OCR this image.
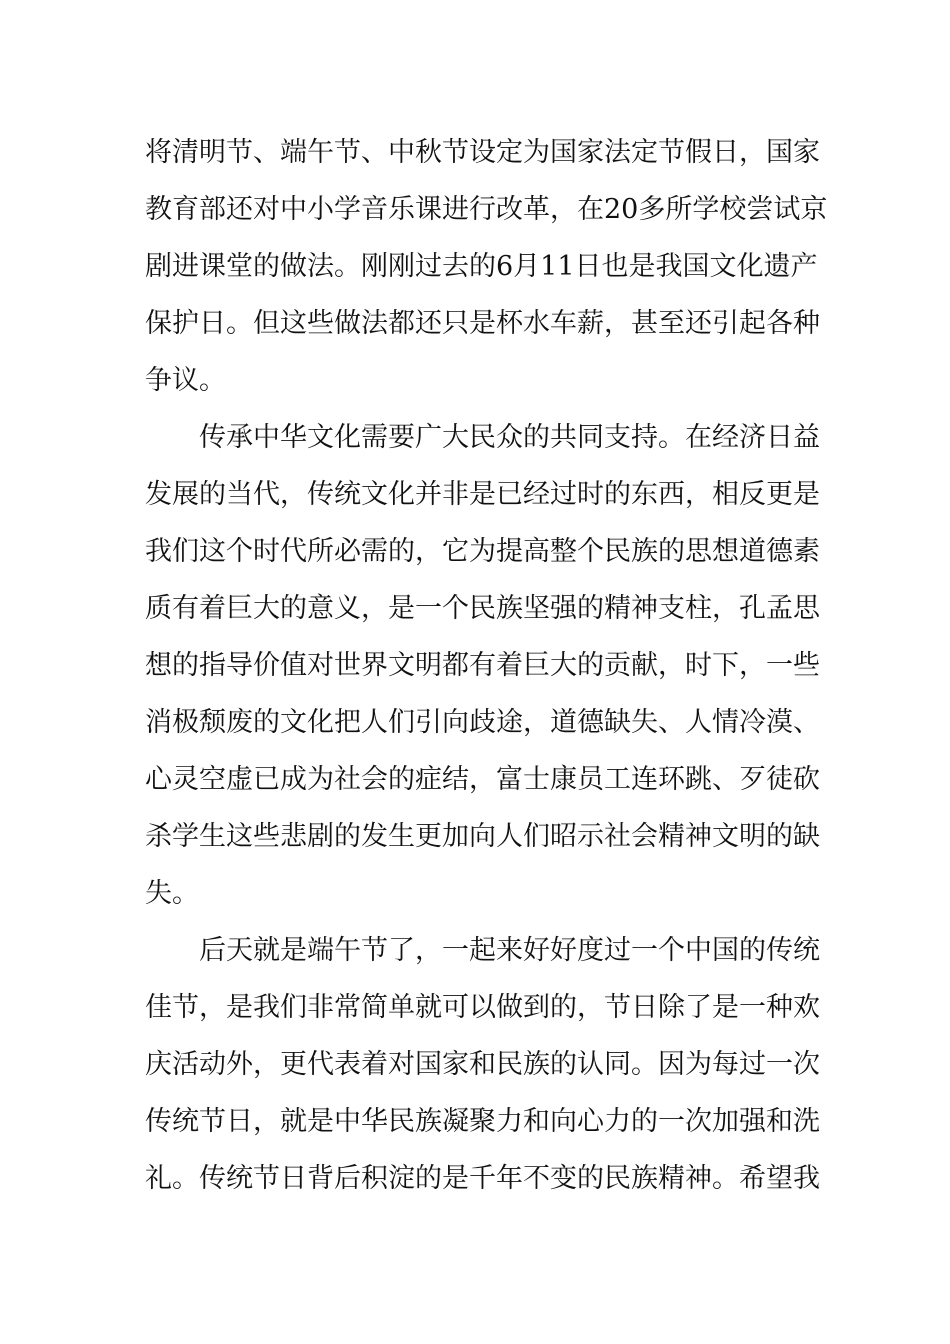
将清明节、端午节、中秋节设定为国家法定节假日，国家
教育部还对中小学音乐课进行改革，在20多所学校尝试京
剧进课堂的做法。刚刚过去的6月11日也是我国文化遗产
保护日。但这些做法都还只是杯水车薪，甚至还引起各种
争议。
传承中华文化需要广大民众的共同支持。在经济日益
发展的当代，传统文化并非是已经过时的东西，相反更是
我们这个时代所必需的，它为提高整个民族的思想道德素
质有着巨大的意义，是一个民族坚强的精神支柱，孔孟思
想的指导价值对世界文明都有着巨大的贡献，时下，一些
消极颓废的文化把人们引向歧途，道德缺失、人情冷漠、
心灵空虚已成为社会的症结，富士康员工连环跳、歹徒砍
杀学生这些悲剧的发生更加向人们昭示社会精神文明的缺
失。
后天就是端午节了，一起来好好度过一个中国的传统
佳节，是我们非常简单就可以做到的，节日除了是一种欢
庆活动外，更代表着对国家和民族的认同。因为每过一次
传统节日，就是中华民族凝聚力和向心力的一次加强和洗
礼。传统节日背后积淀的是千年不变的民族精神。希望我
